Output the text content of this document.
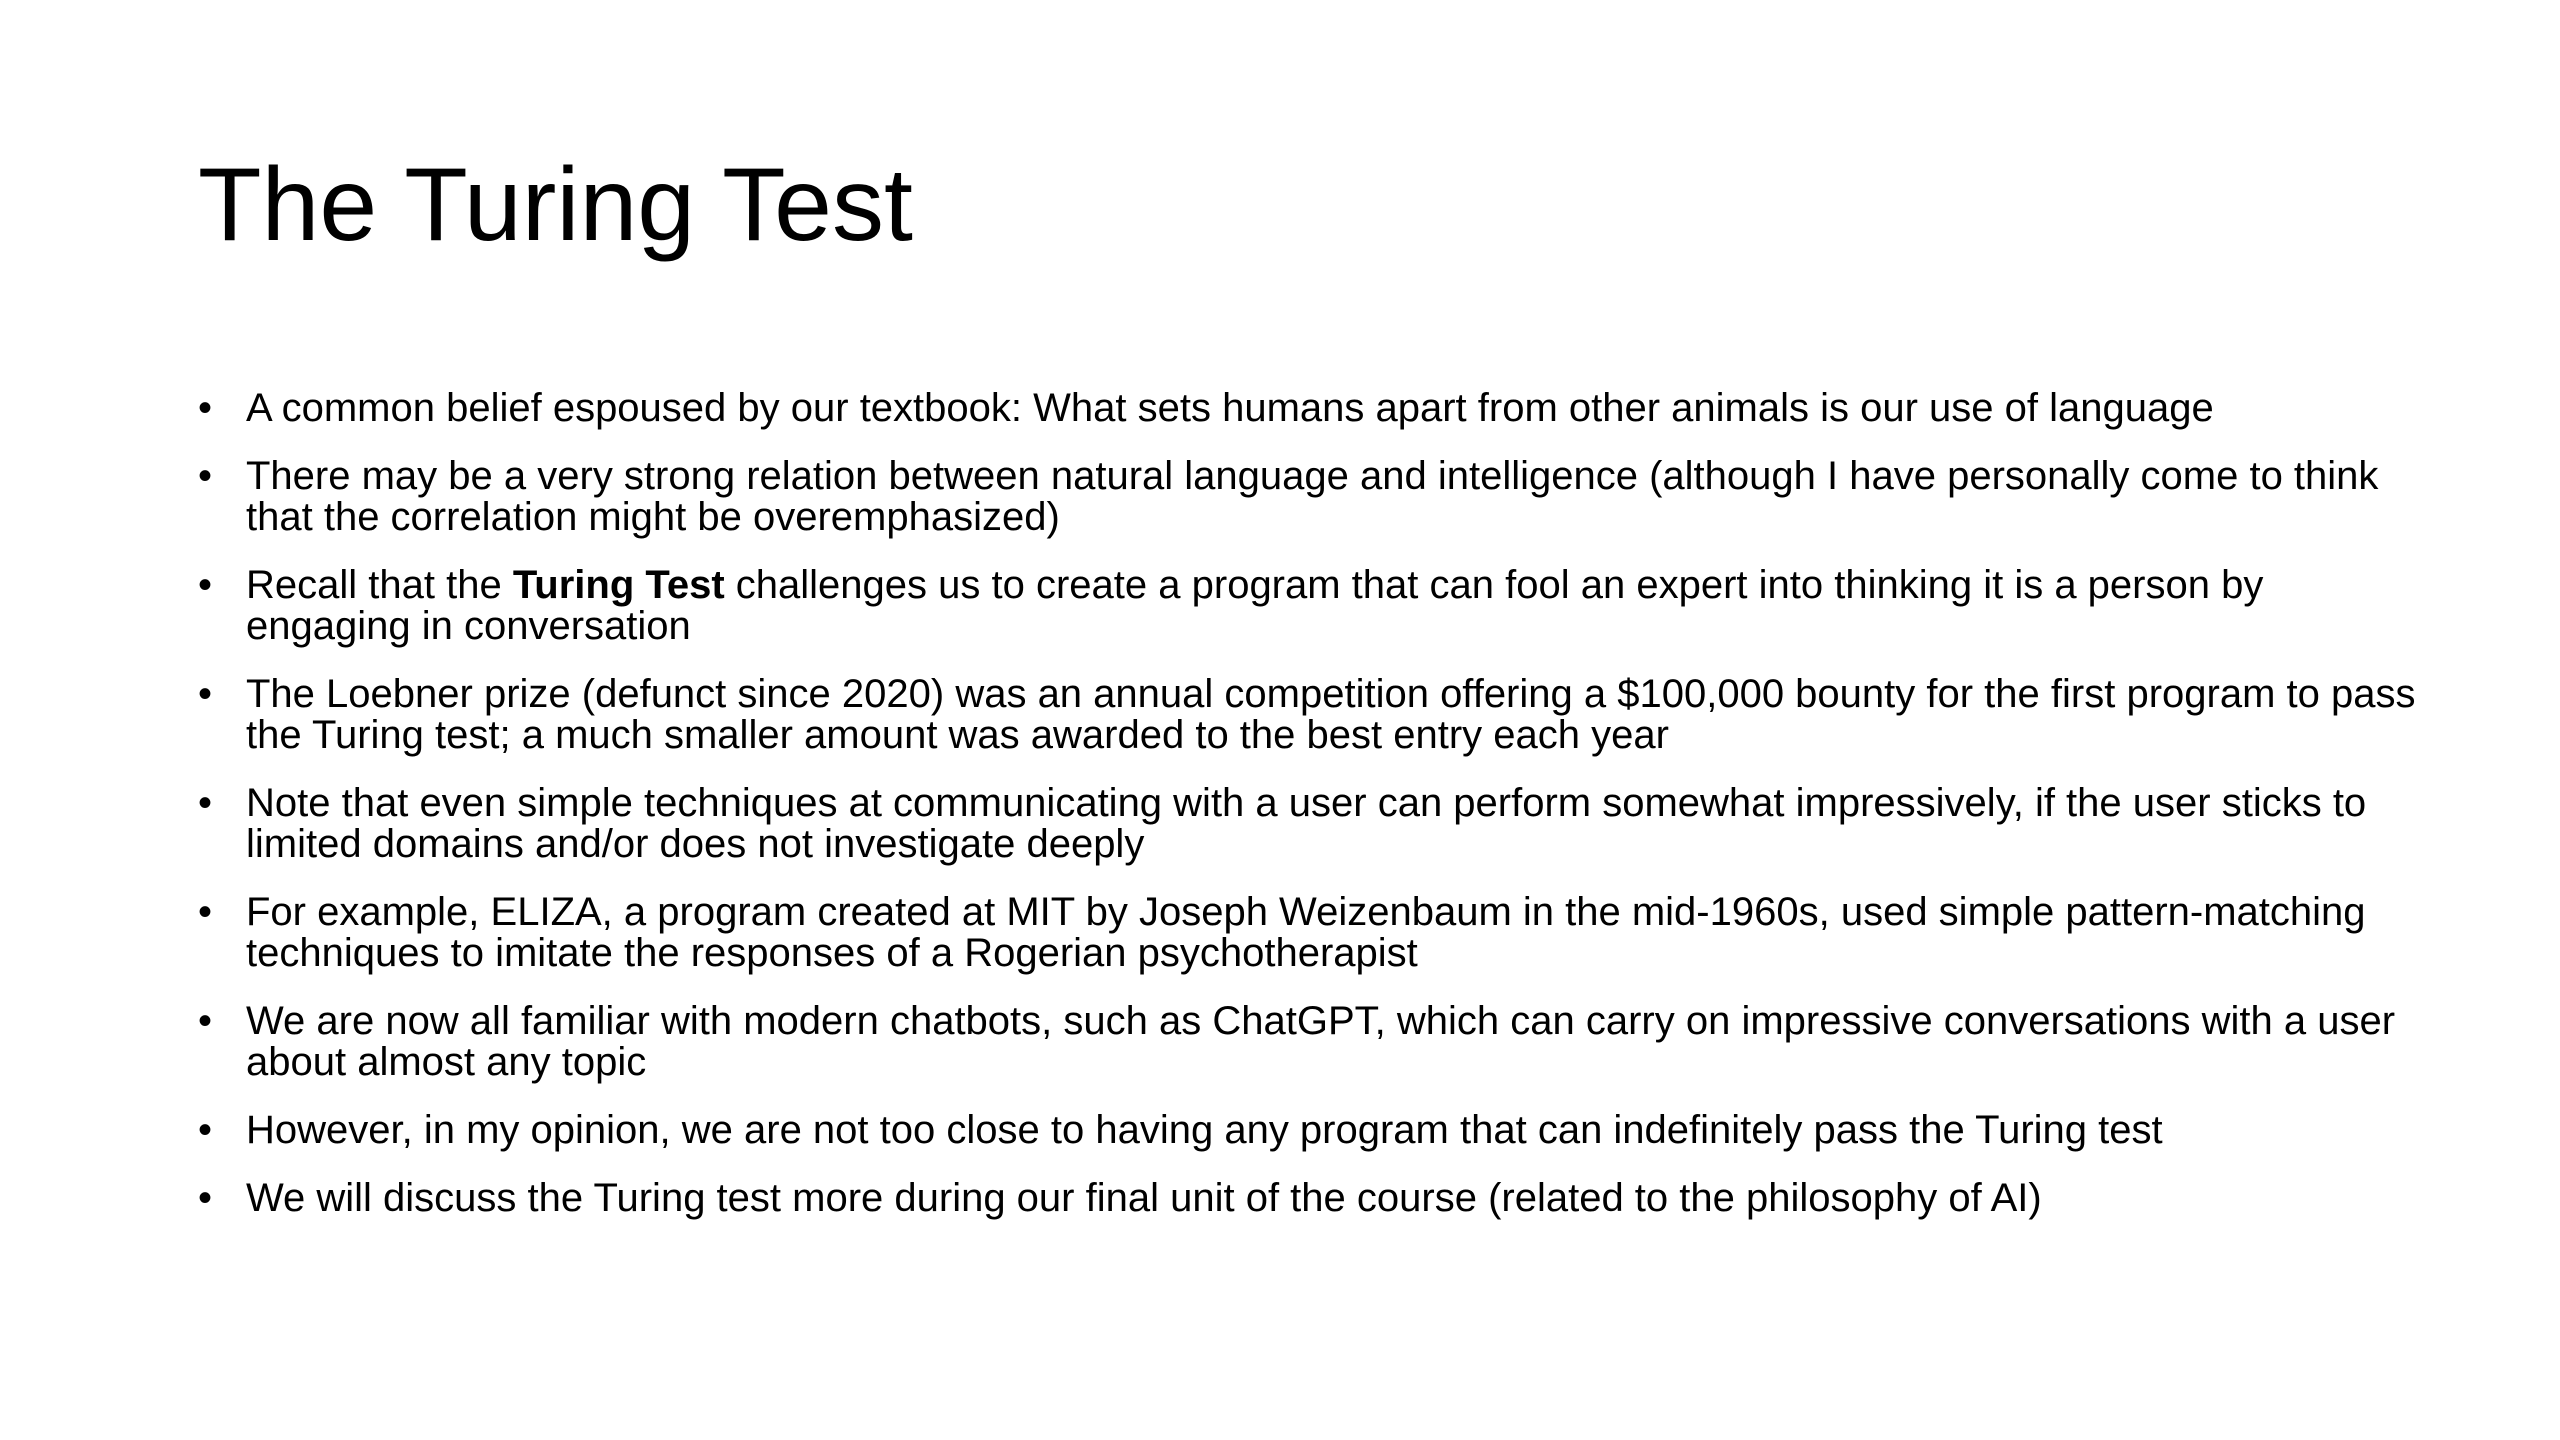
The Turing Test
• A common belief espoused by our textbook: What sets humans apart from other animals is our use of language
• There may be a very strong relation between natural language and intelligence (although I have personally come to think that the correlation might be overemphasized)
• Recall that the Turing Test challenges us to create a program that can fool an expert into thinking it is a person by engaging in conversation
• The Loebner prize (defunct since 2020) was an annual competition offering a $100,000 bounty for the first program to pass the Turing test; a much smaller amount was awarded to the best entry each year
• Note that even simple techniques at communicating with a user can perform somewhat impressively, if the user sticks to limited domains and/or does not investigate deeply
• For example, ELIZA, a program created at MIT by Joseph Weizenbaum in the mid-1960s, used simple pattern-matching techniques to imitate the responses of a Rogerian psychotherapist
• We are now all familiar with modern chatbots, such as ChatGPT, which can carry on impressive conversations with a user about almost any topic
• However, in my opinion, we are not too close to having any program that can indefinitely pass the Turing test
• We will discuss the Turing test more during our final unit of the course (related to the philosophy of AI)
